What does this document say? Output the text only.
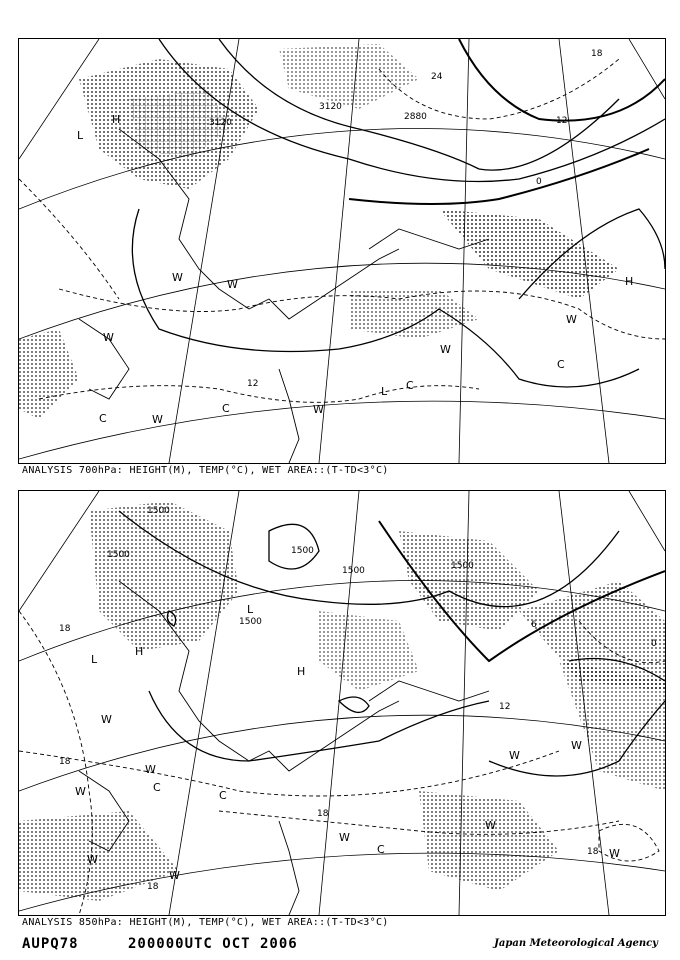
3120
2880
3120
24
12
0
18
12
L
H
W
W
W
C	W
W
C
L C
W
H
C
W
ANALYSIS 700hPa: HEIGHT(M), TEMP(°C), WET AREA::(T-TD<3°C)
1500
1500
1500	1500
1500
1500
18
18
18
18
18
12
6
0
L
H
W
W
L
H
W
C
W
W
W
C
W
W
W
C
W
ANALYSIS 850hPa: HEIGHT(M), TEMP(°C), WET AREA::(T-TD<3°C)
AUPQ78	200000UTC OCT 2006	Japan Meteorological Agency
